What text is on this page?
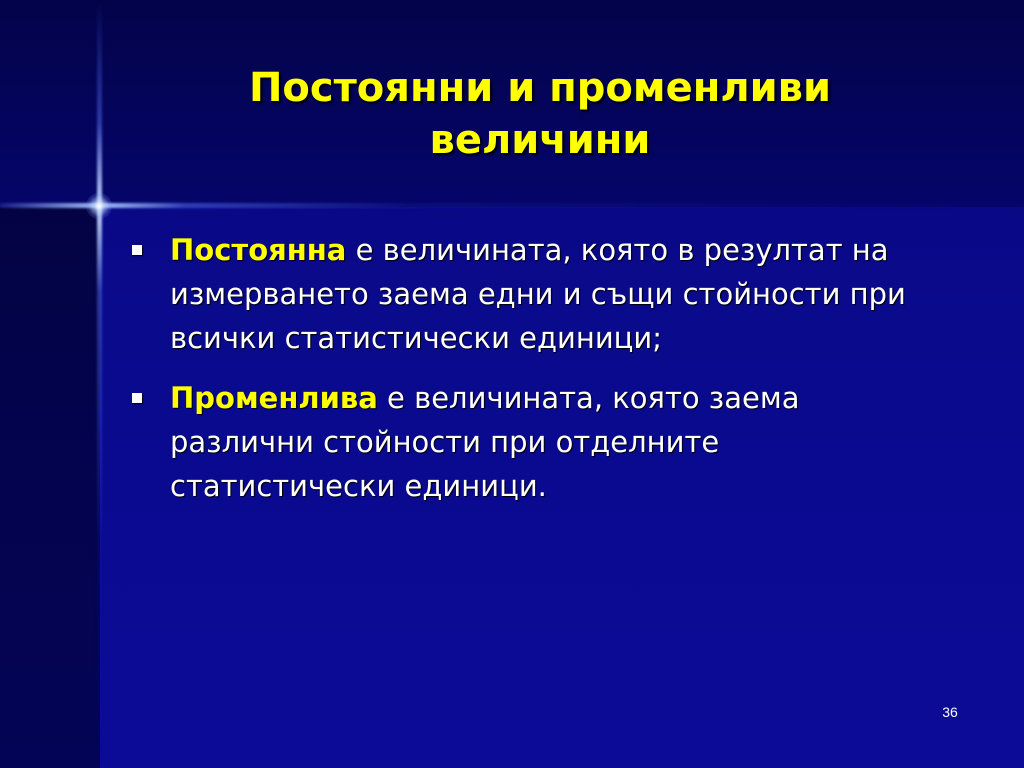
Постоянни и променливи
величини
Постоянна е величината, която в резултат на
измерването заема едни и същи стойности при
всички статистически единици;
Променлива е величината, която заема
различни стойности при отделните
статистически единици.
36
